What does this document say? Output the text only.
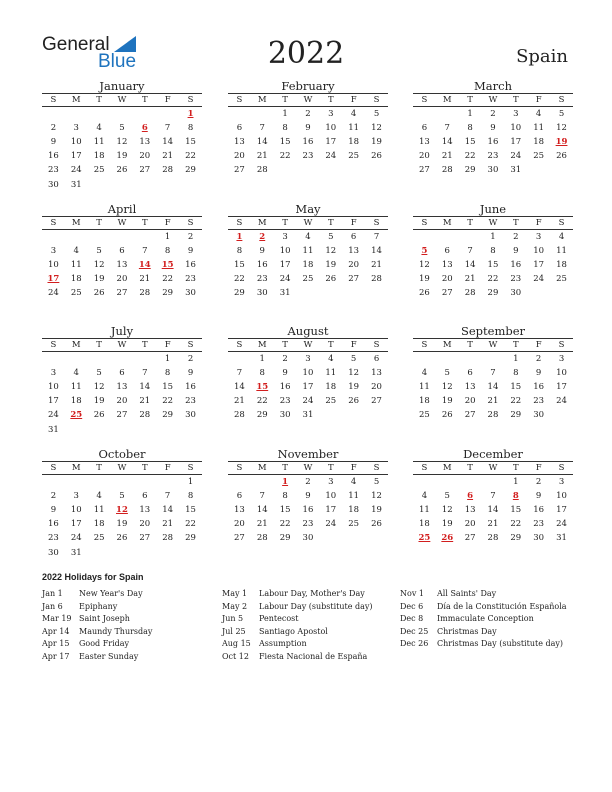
General
Blue	2022	Spain
January
S	M	T	W	T	F	S
						1
2	3	4	5	6	7	8
9	10	11	12	13	14	15
16	17	18	19	20	21	22
23	24	25	26	27	28	29
30	31					
February
S	M	T	W	T	F	S
		1	2	3	4	5
6	7	8	9	10	11	12
13	14	15	16	17	18	19
20	21	22	23	24	25	26
27	28					
March
S	M	T	W	T	F	S
		1	2	3	4	5
6	7	8	9	10	11	12
13	14	15	16	17	18	19
20	21	22	23	24	25	26
27	28	29	30	31		
April
S	M	T	W	T	F	S
					1	2
3	4	5	6	7	8	9
10	11	12	13	14	15	16
17	18	19	20	21	22	23
24	25	26	27	28	29	30
May
S	M	T	W	T	F	S
1	2	3	4	5	6	7
8	9	10	11	12	13	14
15	16	17	18	19	20	21
22	23	24	25	26	27	28
29	30	31				
June
S	M	T	W	T	F	S
			1	2	3	4
5	6	7	8	9	10	11
12	13	14	15	16	17	18
19	20	21	22	23	24	25
26	27	28	29	30		
July
S	M	T	W	T	F	S
					1	2
3	4	5	6	7	8	9
10	11	12	13	14	15	16
17	18	19	20	21	22	23
24	25	26	27	28	29	30
31						
August
S	M	T	W	T	F	S
	1	2	3	4	5	6
7	8	9	10	11	12	13
14	15	16	17	18	19	20
21	22	23	24	25	26	27
28	29	30	31			
September
S	M	T	W	T	F	S
				1	2	3
4	5	6	7	8	9	10
11	12	13	14	15	16	17
18	19	20	21	22	23	24
25	26	27	28	29	30	
October
S	M	T	W	T	F	S
						1
2	3	4	5	6	7	8
9	10	11	12	13	14	15
16	17	18	19	20	21	22
23	24	25	26	27	28	29
30	31					
November
S	M	T	W	T	F	S
		1	2	3	4	5
6	7	8	9	10	11	12
13	14	15	16	17	18	19
20	21	22	23	24	25	26
27	28	29	30			
December
S	M	T	W	T	F	S
				1	2	3
4	5	6	7	8	9	10
11	12	13	14	15	16	17
18	19	20	21	22	23	24
25	26	27	28	29	30	31
2022 Holidays for Spain
Jan 1 New Year's Day
Jan 6 Epiphany
Mar 19 Saint Joseph
Apr 14 Maundy Thursday
Apr 15 Good Friday
Apr 17 Easter Sunday
May 1 Labour Day, Mother's Day
May 2 Labour Day (substitute day)
Jun 5 Pentecost
Jul 25 Santiago Apostol
Aug 15 Assumption
Oct 12 Fiesta Nacional de España
Nov 1 All Saints' Day
Dec 6 Día de la Constitución Española
Dec 8 Immaculate Conception
Dec 25 Christmas Day
Dec 26 Christmas Day (substitute day)
